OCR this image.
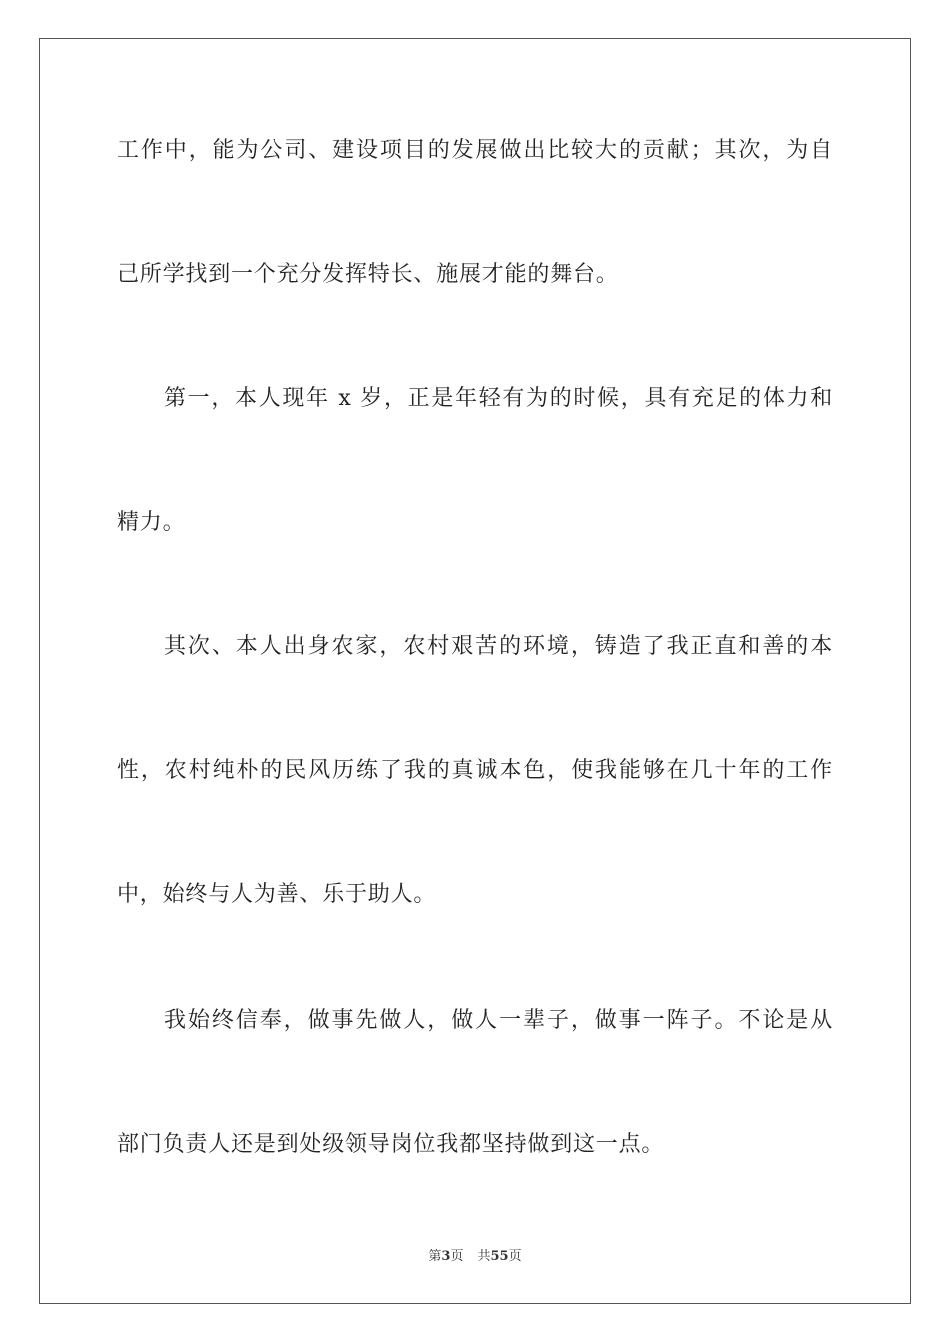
工作中，能为公司、建设项目的发展做出比较大的贡献；其次，为自
己所学找到一个充分发挥特长、施展才能的舞台。
第一，本人现年 x 岁，正是年轻有为的时候，具有充足的体力和
精力。
其次、本人出身农家，农村艰苦的环境，铸造了我正直和善的本
性，农村纯朴的民风历练了我的真诚本色，使我能够在几十年的工作
中，始终与人为善、乐于助人。
我始终信奉，做事先做人，做人一辈子，做事一阵子。不论是从
部门负责人还是到处级领导岗位我都坚持做到这一点。
第3页 共55页
